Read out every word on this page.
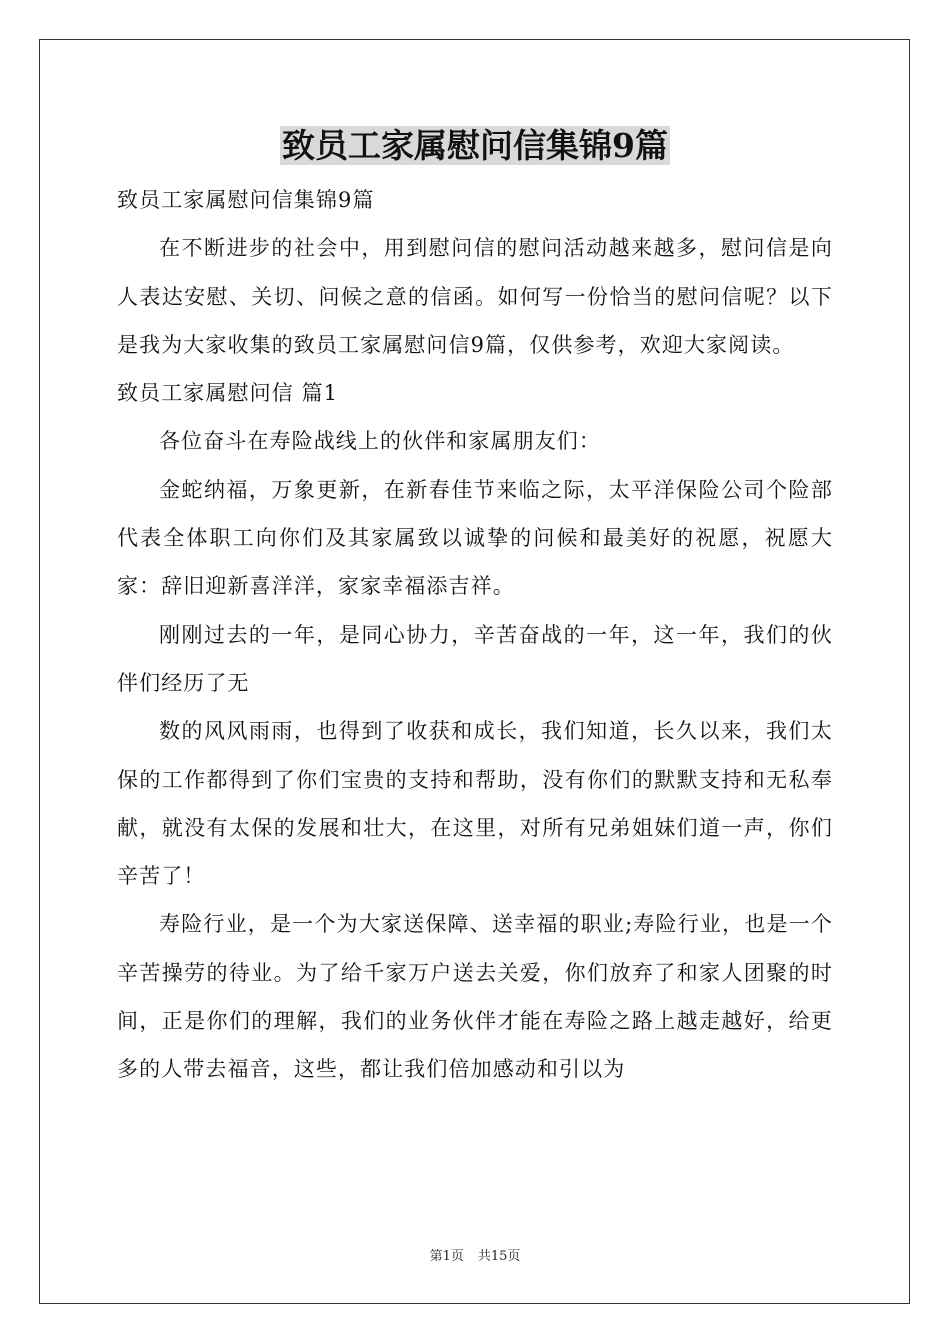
致员工家属慰问信集锦9篇

致员工家属慰问信集锦9篇

在不断进步的社会中，用到慰问信的慰问活动越来越多，慰问信是向人表达安慰、关切、问候之意的信函。如何写一份恰当的慰问信呢？以下是我为大家收集的致员工家属慰问信9篇，仅供参考，欢迎大家阅读。

致员工家属慰问信 篇1

各位奋斗在寿险战线上的伙伴和家属朋友们：

金蛇纳福，万象更新，在新春佳节来临之际，太平洋保险公司个险部代表全体职工向你们及其家属致以诚挚的问候和最美好的祝愿，祝愿大家：辞旧迎新喜洋洋，家家幸福添吉祥。

刚刚过去的一年，是同心协力，辛苦奋战的一年，这一年，我们的伙伴们经历了无

数的风风雨雨，也得到了收获和成长，我们知道，长久以来，我们太保的工作都得到了你们宝贵的支持和帮助，没有你们的默默支持和无私奉献，就没有太保的发展和壮大，在这里，对所有兄弟姐妹们道一声，你们辛苦了！

寿险行业，是一个为大家送保障、送幸福的职业;寿险行业，也是一个辛苦操劳的待业。为了给千家万户送去关爱，你们放弃了和家人团聚的时间，正是你们的理解，我们的业务伙伴才能在寿险之路上越走越好，给更多的人带去福音，这些，都让我们倍加感动和引以为

第1页 共15页
